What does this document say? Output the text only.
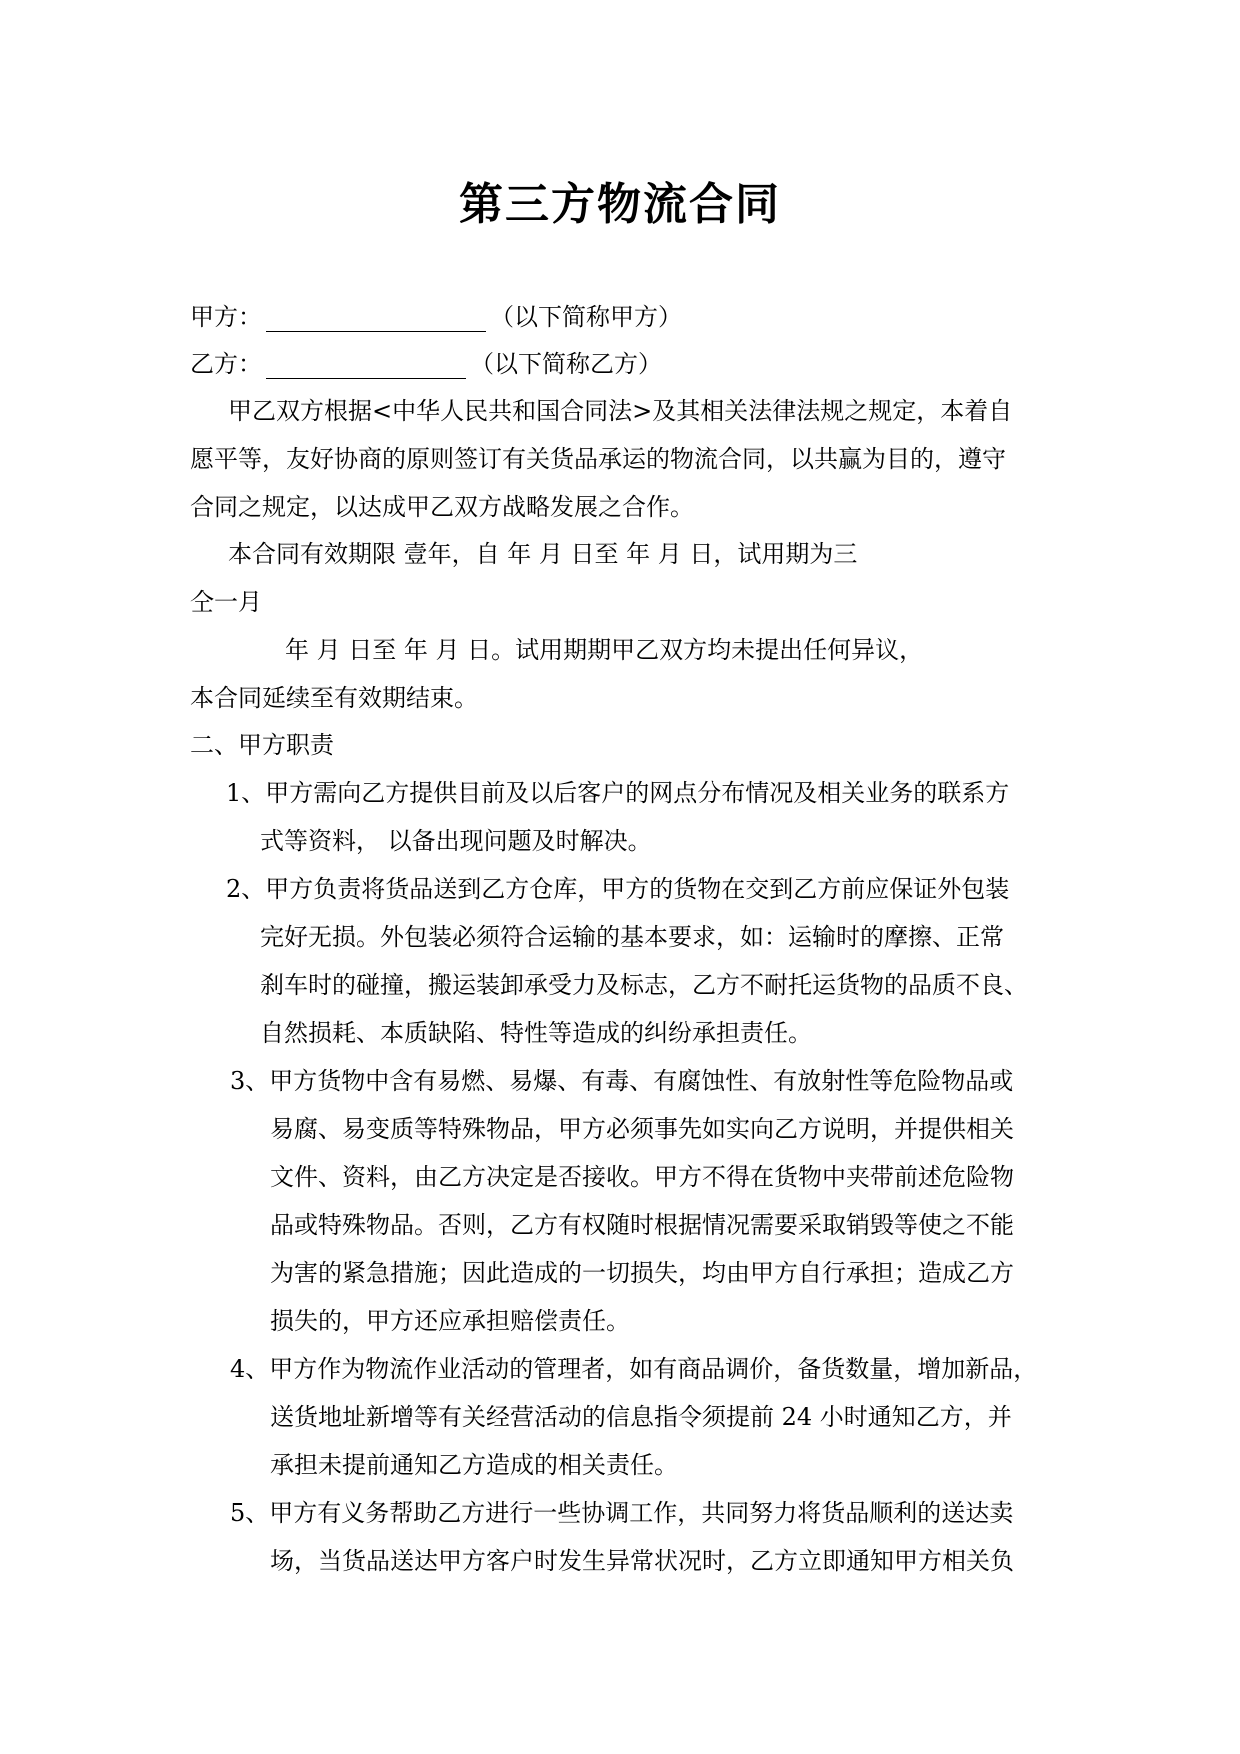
第三方物流合同
甲方：	（以下简称甲方）
乙方：	（以下简称乙方）
甲乙双方根据<中华人民共和国合同法>及其相关法律法规之规定，本着自
愿平等，友好协商的原则签订有关货品承运的物流合同，以共赢为目的，遵守
合同之规定，以达成甲乙双方战略发展之合作。
本合同有效期限 壹年，自 年 月 日至 年 月 日，试用期为三
仝一月
年 月 日至 年 月 日。试用期期甲乙双方均未提出任何异议，
本合同延续至有效期结束。
二、甲方职责
1、甲方需向乙方提供目前及以后客户的网点分布情况及相关业务的联系方
式等资料， 以备出现问题及时解决。
2、甲方负责将货品送到乙方仓库，甲方的货物在交到乙方前应保证外包装
完好无损。外包装必须符合运输的基本要求，如：运输时的摩擦、正常
刹车时的碰撞，搬运装卸承受力及标志，乙方不耐托运货物的品质不良、
自然损耗、本质缺陷、特性等造成的纠纷承担责任。
3、甲方货物中含有易燃、易爆、有毒、有腐蚀性、有放射性等危险物品或
易腐、易变质等特殊物品，甲方必须事先如实向乙方说明，并提供相关
文件、资料，由乙方决定是否接收。甲方不得在货物中夹带前述危险物
品或特殊物品。否则，乙方有权随时根据情况需要采取销毁等使之不能
为害的紧急措施；因此造成的一切损失，均由甲方自行承担；造成乙方
损失的，甲方还应承担赔偿责任。
4、甲方作为物流作业活动的管理者，如有商品调价，备货数量，增加新品，
送货地址新增等有关经营活动的信息指令须提前 24 小时通知乙方，并
承担未提前通知乙方造成的相关责任。
5、甲方有义务帮助乙方进行一些协调工作，共同努力将货品顺利的送达卖
场，当货品送达甲方客户时发生异常状况时，乙方立即通知甲方相关负
